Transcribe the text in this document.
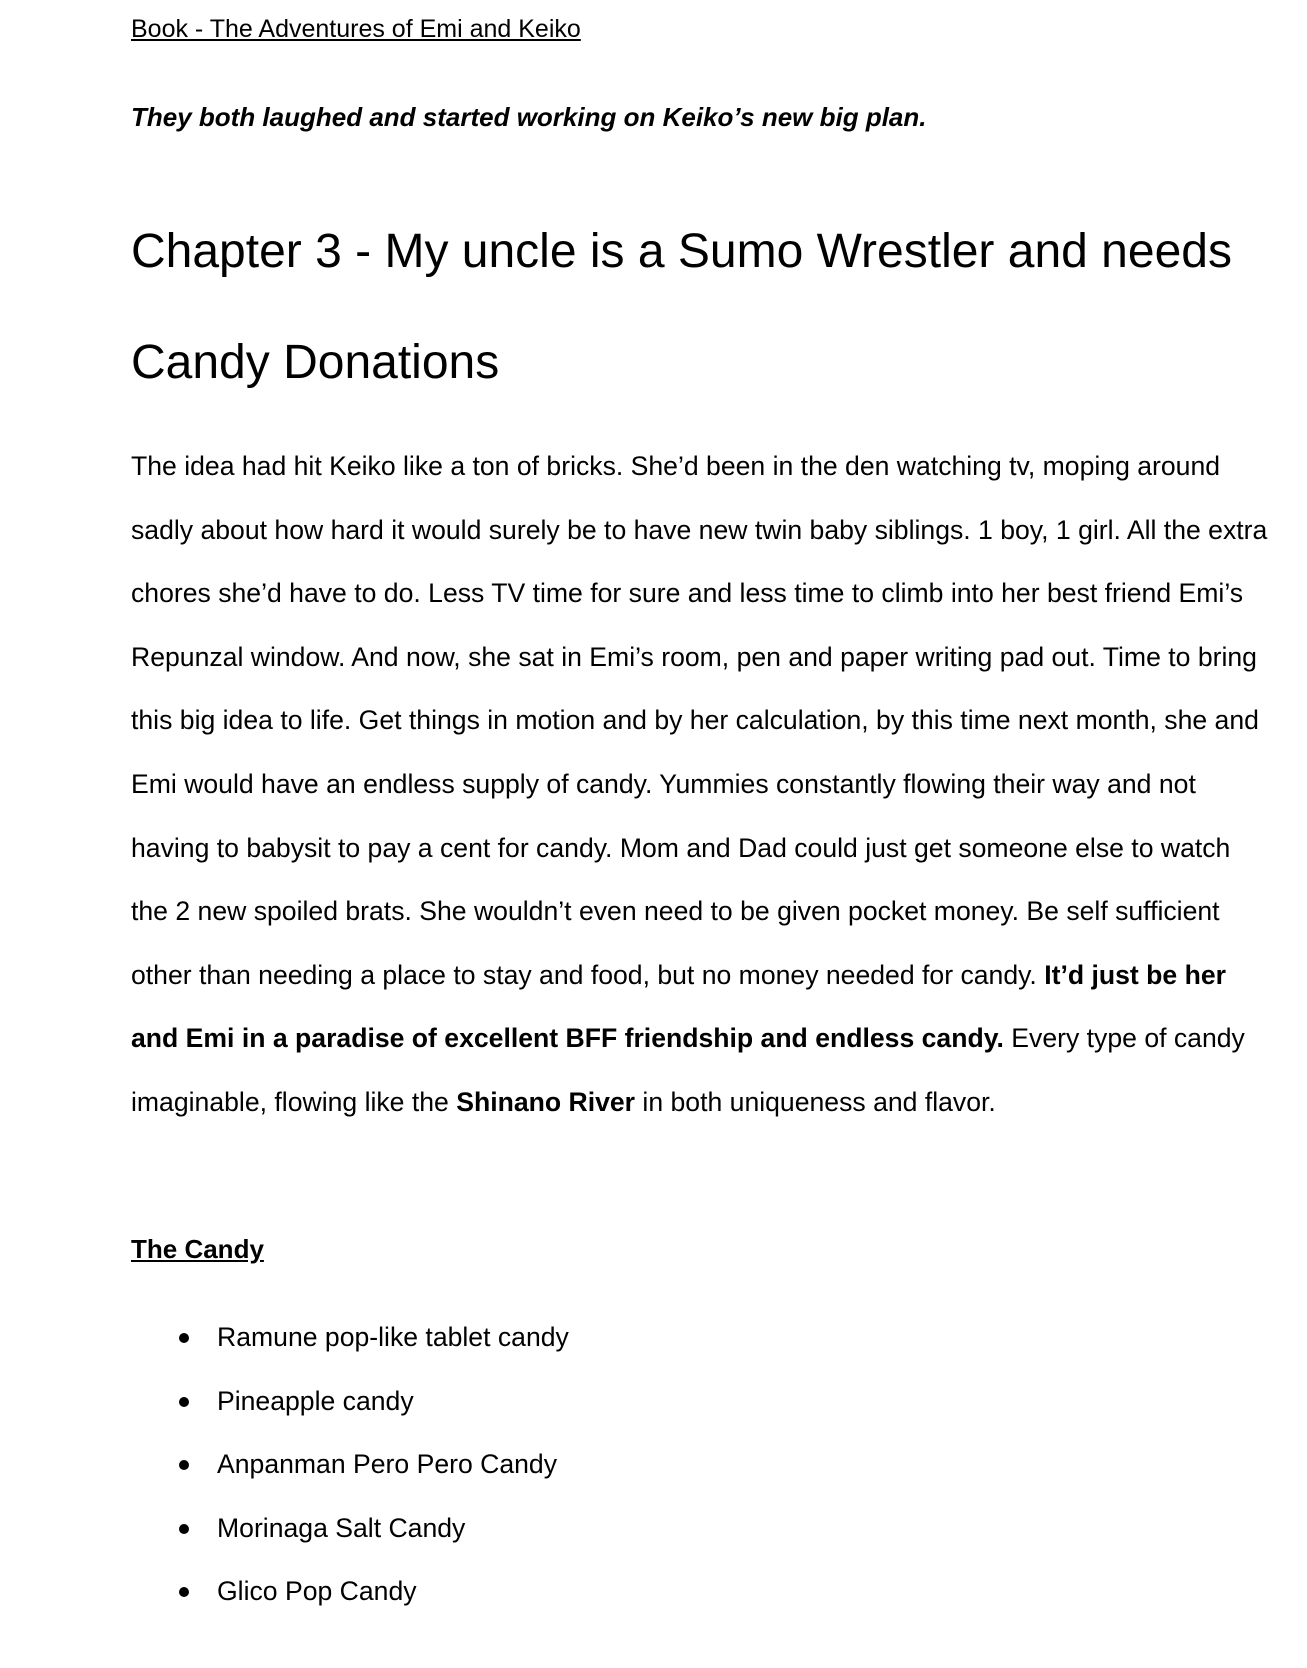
Book - The Adventures of Emi and Keiko
They both laughed and started working on Keiko’s new big plan.
Chapter 3 - My uncle is a Sumo Wrestler and needs Candy Donations

The idea had hit Keiko like a ton of bricks. She’d been in the den watching tv, moping around sadly about how hard it would surely be to have new twin baby siblings. 1 boy, 1 girl. All the extra chores she’d have to do. Less TV time for sure and less time to climb into her best friend Emi’s Repunzal window. And now, she sat in Emi’s room, pen and paper writing pad out. Time to bring this big idea to life. Get things in motion and by her calculation, by this time next month, she and Emi would have an endless supply of candy. Yummies constantly flowing their way and not having to babysit to pay a cent for candy. Mom and Dad could just get someone else to watch the 2 new spoiled brats. She wouldn’t even need to be given pocket money. Be self sufficient other than needing a place to stay and food, but no money needed for candy. It’d just be her and Emi in a paradise of excellent BFF friendship and endless candy. Every type of candy imaginable, flowing like the Shinano River in both uniqueness and flavor.

The Candy
Ramune pop-like tablet candy
Pineapple candy
Anpanman Pero Pero Candy
Morinaga Salt Candy
Glico Pop Candy
